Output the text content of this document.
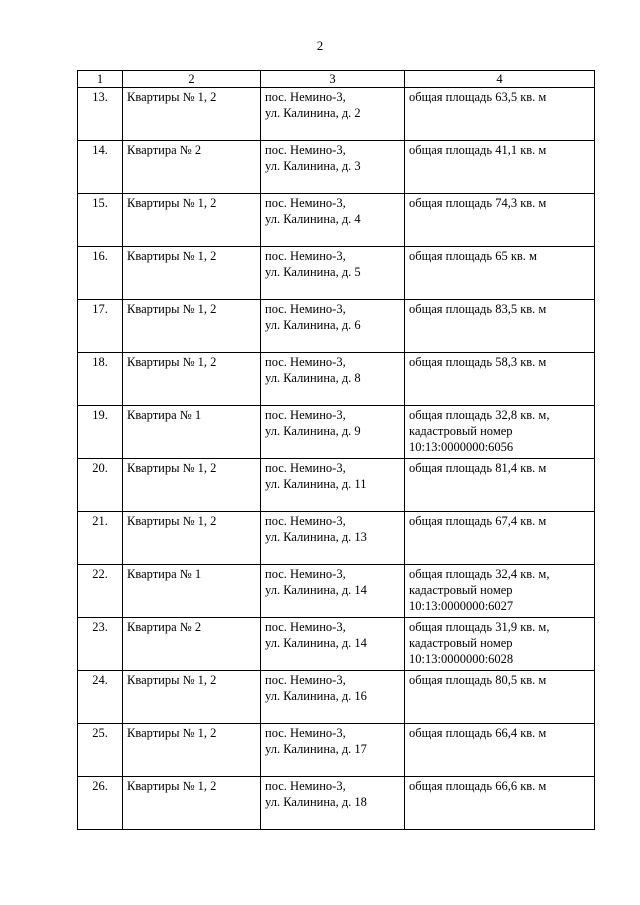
2
1	2	3	4
13.	Квартиры № 1, 2	пос. Немино-3,
ул. Калинина, д. 2	общая площадь 63,5 кв. м

14.	Квартира № 2	пос. Немино-3,
ул. Калинина, д. 3	общая площадь 41,1 кв. м

15.	Квартиры № 1, 2	пос. Немино-3,
ул. Калинина, д. 4	общая площадь 74,3 кв. м

16.	Квартиры № 1, 2	пос. Немино-3,
ул. Калинина, д. 5	общая площадь 65 кв. м

17.	Квартиры № 1, 2	пос. Немино-3,
ул. Калинина, д. 6	общая площадь 83,5 кв. м

18.	Квартиры № 1, 2	пос. Немино-3,
ул. Калинина, д. 8	общая площадь 58,3 кв. м

19.	Квартира № 1	пос. Немино-3,
ул. Калинина, д. 9	общая площадь 32,8 кв. м,
кадастровый номер
10:13:0000000:6056

20.	Квартиры № 1, 2	пос. Немино-3,
ул. Калинина, д. 11	общая площадь 81,4 кв. м

21.	Квартиры № 1, 2	пос. Немино-3,
ул. Калинина, д. 13	общая площадь 67,4 кв. м

22.	Квартира № 1	пос. Немино-3,
ул. Калинина, д. 14	общая площадь 32,4 кв. м,
кадастровый номер
10:13:0000000:6027

23.	Квартира № 2	пос. Немино-3,
ул. Калинина, д. 14	общая площадь 31,9 кв. м,
кадастровый номер
10:13:0000000:6028

24.	Квартиры № 1, 2	пос. Немино-3,
ул. Калинина, д. 16	общая площадь 80,5 кв. м

25.	Квартиры № 1, 2	пос. Немино-3,
ул. Калинина, д. 17	общая площадь 66,4 кв. м

26.	Квартиры № 1, 2	пос. Немино-3,
ул. Калинина, д. 18	общая площадь 66,6 кв. м
